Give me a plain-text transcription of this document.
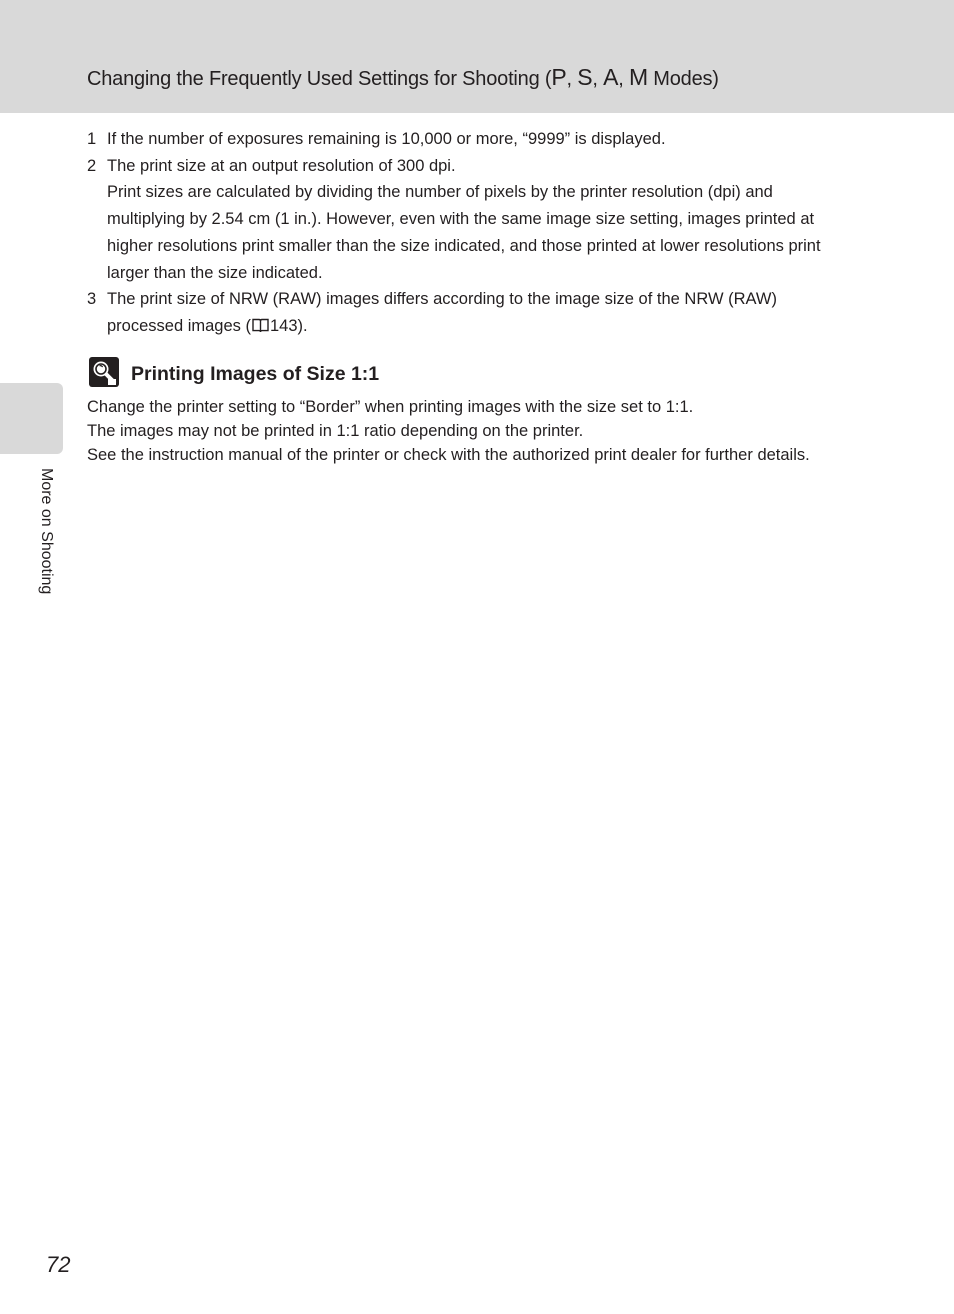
Changing the Frequently Used Settings for Shooting (P, S, A, M Modes)
More on Shooting
1 If the number of exposures remaining is 10,000 or more, “9999” is displayed.
2 The print size at an output resolution of 300 dpi.
Print sizes are calculated by dividing the number of pixels by the printer resolution (dpi) and
multiplying by 2.54 cm (1 in.). However, even with the same image size setting, images printed at
higher resolutions print smaller than the size indicated, and those printed at lower resolutions print
larger than the size indicated.
3 The print size of NRW (RAW) images differs according to the image size of the NRW (RAW)
processed images ( 143).
Printing Images of Size 1:1
Change the printer setting to “Border” when printing images with the size set to 1:1.
The images may not be printed in 1:1 ratio depending on the printer.
See the instruction manual of the printer or check with the authorized print dealer for further details.
72
